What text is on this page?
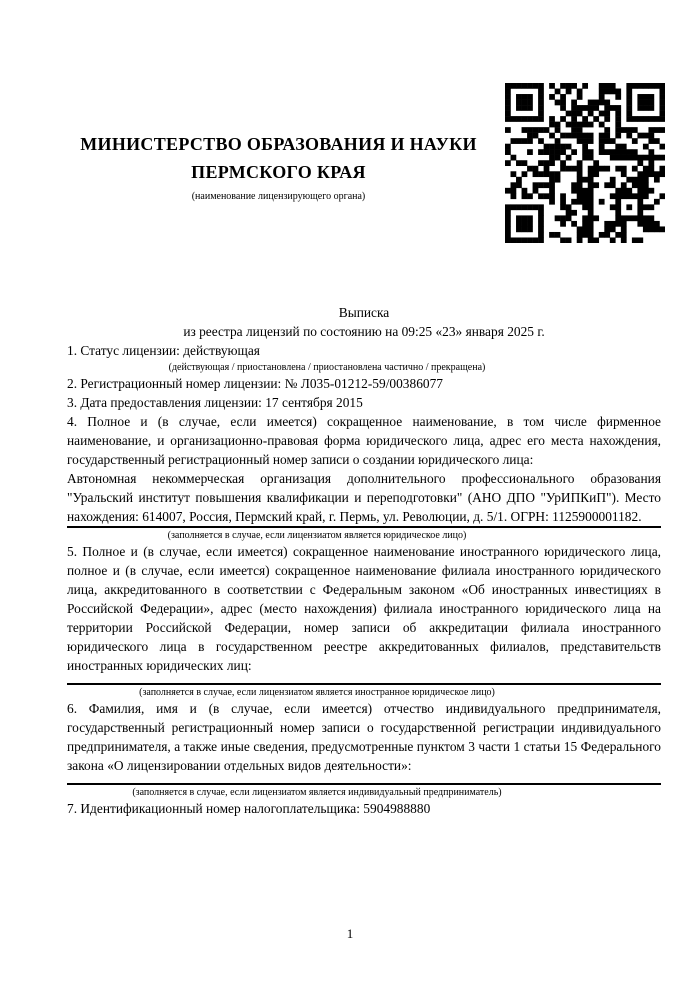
МИНИСТЕРСТВО ОБРАЗОВАНИЯ И НАУКИ
ПЕРМСКОГО КРАЯ
(наименование лицензирующего органа)
Выписка
из реестра лицензий по состоянию на 09:25 «23» января 2025 г.

1. Статус лицензии: действующая

(действующая / приостановлена / приостановлена частично / прекращена)

2. Регистрационный номер лицензии: № Л035-01212-59/00386077

3. Дата предоставления лицензии: 17 сентября 2015

4. Полное и (в случае, если имеется) сокращенное наименование, в том числе фирменное наименование, и организационно-правовая форма юридического лица, адрес его места нахождения, государственный регистрационный номер записи о создании юридического лица:
Автономная некоммерческая организация дополнительного профессионального образования "Уральский институт повышения квалификации и переподготовки" (АНО ДПО "УрИПКиП"). Место нахождения: 614007, Россия, Пермский край, г. Пермь, ул. Революции, д. 5/1. ОГРН: 1125900001182.

(заполняется в случае, если лицензиатом является юридическое лицо)

5. Полное и (в случае, если имеется) сокращенное наименование иностранного юридического лица, полное и (в случае, если имеется) сокращенное наименование филиала иностранного юридического лица, аккредитованного в соответствии с Федеральным законом «Об иностранных инвестициях в Российской Федерации», адрес (место нахождения) филиала иностранного юридического лица на территории Российской Федерации, номер записи об аккредитации филиала иностранного юридического лица в государственном реестре аккредитованных филиалов, представительств иностранных юридических лиц:

(заполняется в случае, если лицензиатом является иностранное юридическое лицо)

6. Фамилия, имя и (в случае, если имеется) отчество индивидуального предпринимателя, государственный регистрационный номер записи о государственной регистрации индивидуального предпринимателя, а также иные сведения, предусмотренные пунктом 3 части 1 статьи 15 Федерального закона «О лицензировании отдельных видов деятельности»:

(заполняется в случае, если лицензиатом является индивидуальный предприниматель)

7. Идентификационный номер налогоплательщика: 5904988880

1
